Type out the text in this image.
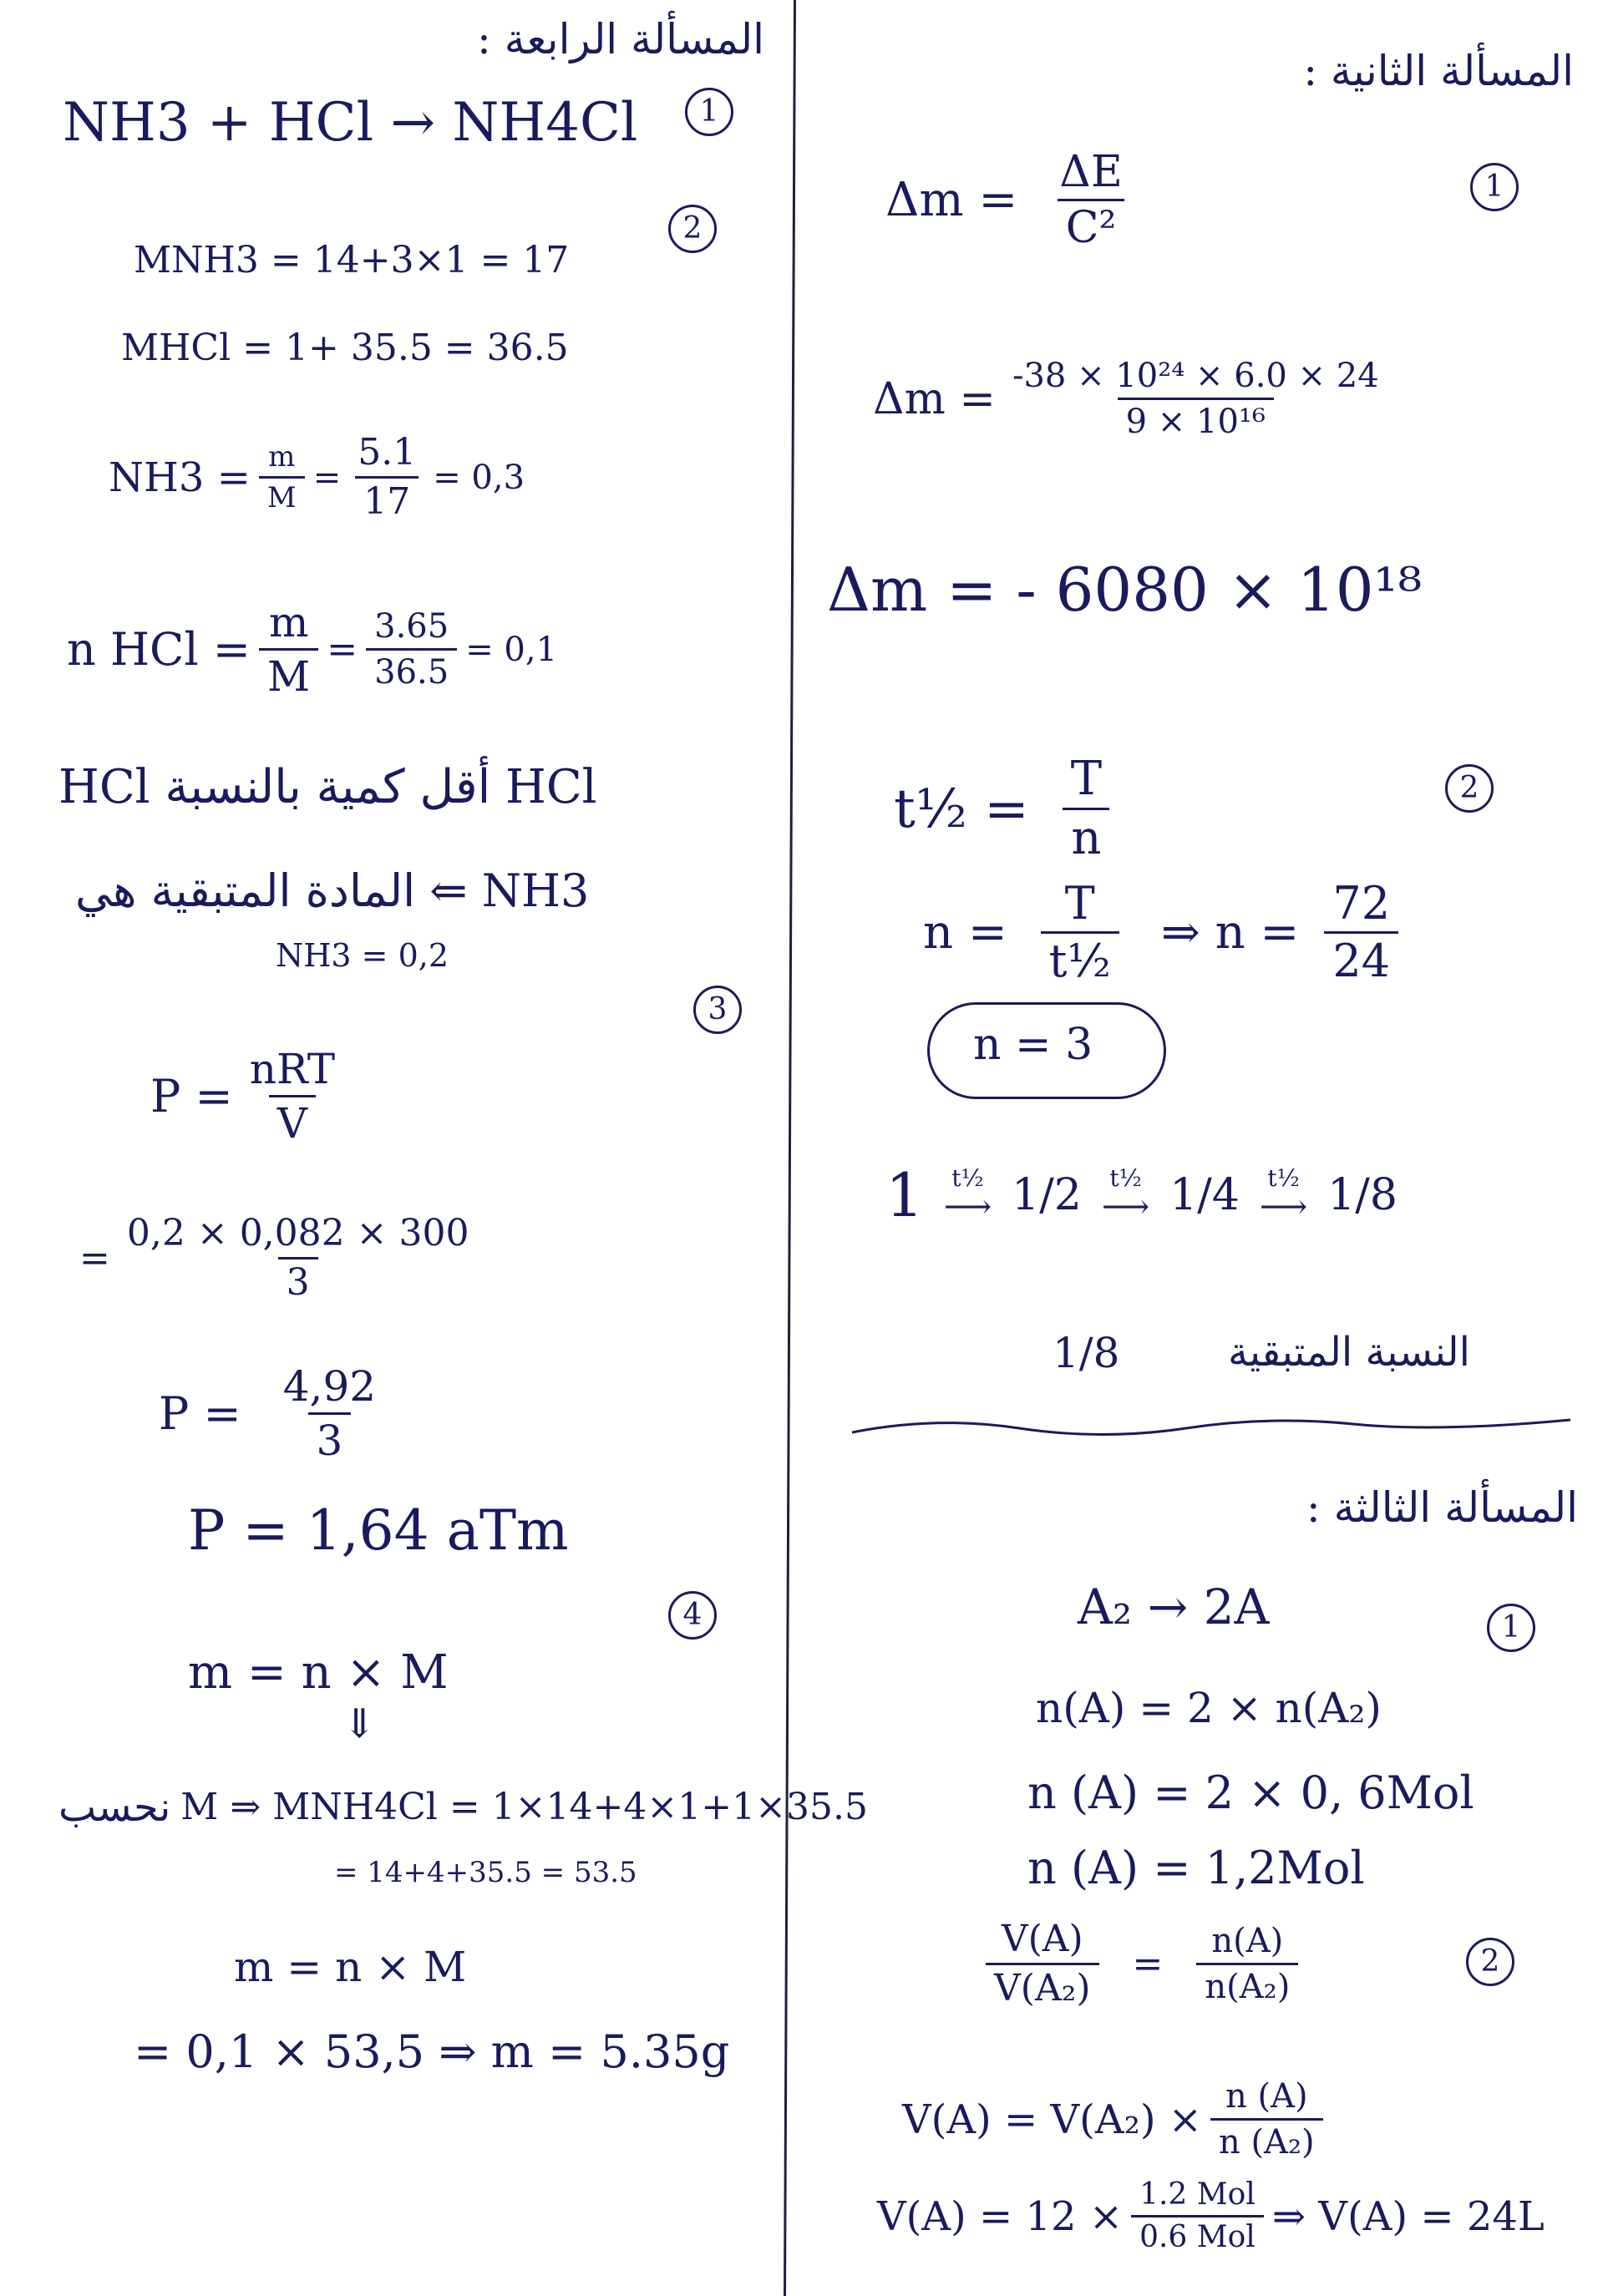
المسألة الرابعة :
NH3 + HCl → NH4Cl	1
2
MNH3 = 14+3×1 = 17
MHCl = 1+ 35.5 = 36.5
$NH3 = \frac{m}{M} = \frac{5.1}{17} = 0,3$
n HCl = $\frac{m}{M} = \frac{3.65}{36.5} = 0,1$
HCl أقل كمية بالنسبة HCl
NH3 ⇐ المادة المتبقية هي
NH3 = 0,2
3
$P = \frac{\text{nRT}}{V}$
= $\frac{0,2 \times 0,082 \times 300}{3}$
$P = \frac{4,92}{3}$
P = 1,64 aTm
4
m = n × M
⇓
نحسب M ⇒ MNH4Cl = 1×14+4×1+1×35.5
= 14+4+35.5 = 53.5
m = n × M
= 0,1 × 53,5 ⇒ m = 5.35g
المسألة الثانية :
$\Delta m = \frac{\Delta E}{\text{C²}}$	1
$\Delta m = \frac{\text{-38 × 10²⁴ × 6.0 × 24}}{\text{9 × 10¹⁶}}$
Δm = - 6080 × 10¹⁸
t½ = $\frac{T}{n}$	2
$n = \frac{T}{\text{t½}}$ ⇒ $n = \frac{72}{24}$
n = 3
1 t½
⟶ 1/2 t½
⟶ 1/4 t½
⟶ 1/8
1/8	النسبة المتبقية
المسألة الثالثة :
A₂ → 2A	1
n(A) = 2 × n(A₂)
n (A) = 2 × 0, 6Mol
n (A) = 1,2Mol
$\frac{V(A)}{\text{V(A₂)}} = \frac{n(A)}{\text{n(A₂)}}$	2
$V(A) = V(A_2) \times \frac{n (A)}{\text{n (A₂)}}$
$V(A) = 12 \times \frac{\text{1.2 Mol}}{\text{0.6 Mol}}$ ⇒ V(A) = 24L
